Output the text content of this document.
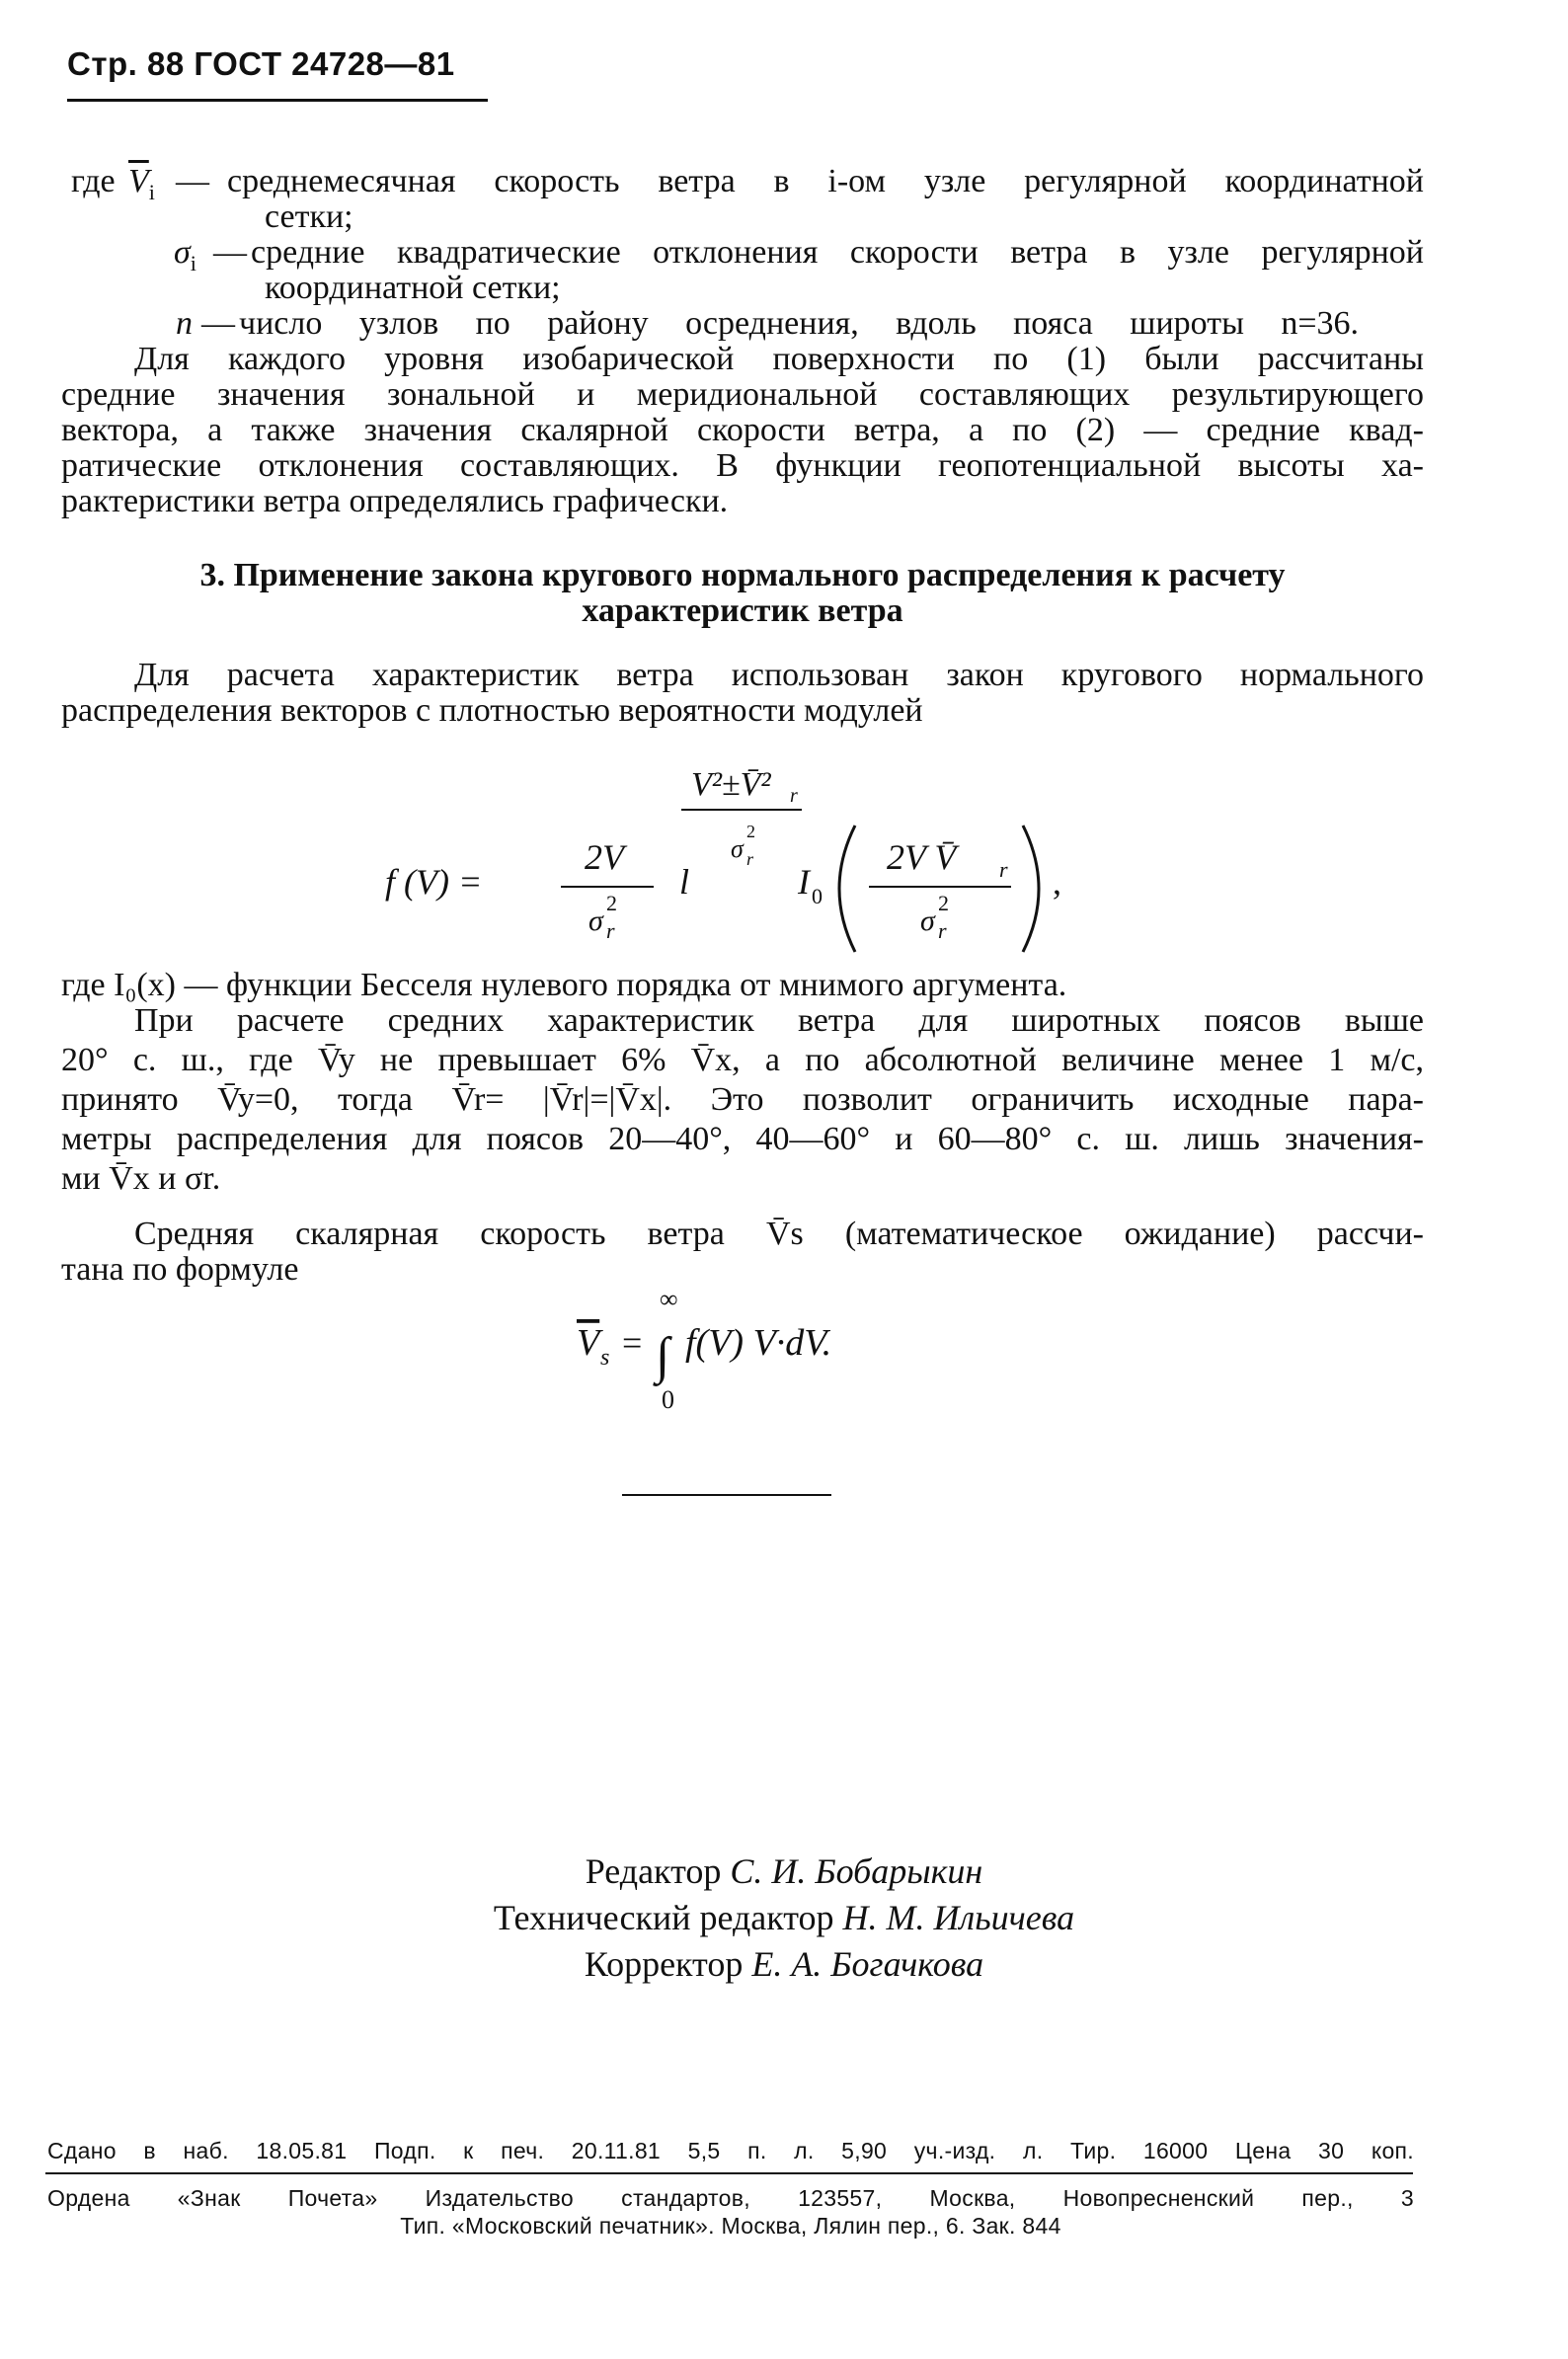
Стр. 88 ГОСТ 24728—81
где $\overline{V}_i$ — среднемесячная скорость ветра в i-ом узле регулярной координатной
сетки;
$\sigma_i$ — средние квадратические отклонения скорости ветра в узле регулярной
координатной сетки;
n — число узлов по району осреднения, вдоль пояса широты n=36.
Для каждого уровня изобарической поверхности по (1) были рассчитаны
средние значения зональной и меридиональной составляющих результирующего
вектора, а также значения скалярной скорости ветра, а по (2) — средние квад-
ратические отклонения составляющих. В функции геопотенциальной высоты ха-
рактеристики ветра определялись графически.
3. Применение закона кругового нормального распределения к расчету
характеристик ветра
Для расчета характеристик ветра использован закон кругового нормального
распределения векторов с плотностью вероятности модулей
V²±V̄² r
σ
2
r
f (V) =
2V
σ
2
r
l	I 0
2V V̄ r
σ
2
r
,
где I₀(x) — функции Бесселя нулевого порядка от мнимого аргумента.
При расчете средних характеристик ветра для широтных поясов выше
20° с. ш., где V̄y не превышает 6% V̄x, а по абсолютной величине менее 1 м/с,
принято V̄y=0, тогда V̄r= |V̄r|=|V̄x|. Это позволит ограничить исходные пара-
метры распределения для поясов 20—40°, 40—60° и 60—80° с. ш. лишь значения-
ми V̄x и σr.
Средняя скалярная скорость ветра V̄s (математическое ожидание) рассчи-
тана по формуле
V s =
∞
∫
0
f(V) V·dV.
Редактор С. И. Бобарыкин
Технический редактор Н. М. Ильичева
Корректор Е. А. Богачкова
Сдано в наб. 18.05.81 Подп. к печ. 20.11.81 5,5 п. л. 5,90 уч.-изд. л. Тир. 16000 Цена 30 коп.
Ордена «Знак Почета» Издательство стандартов, 123557, Москва, Новопресненский пер., 3
Тип. «Московский печатник». Москва, Лялин пер., 6. Зак. 844
